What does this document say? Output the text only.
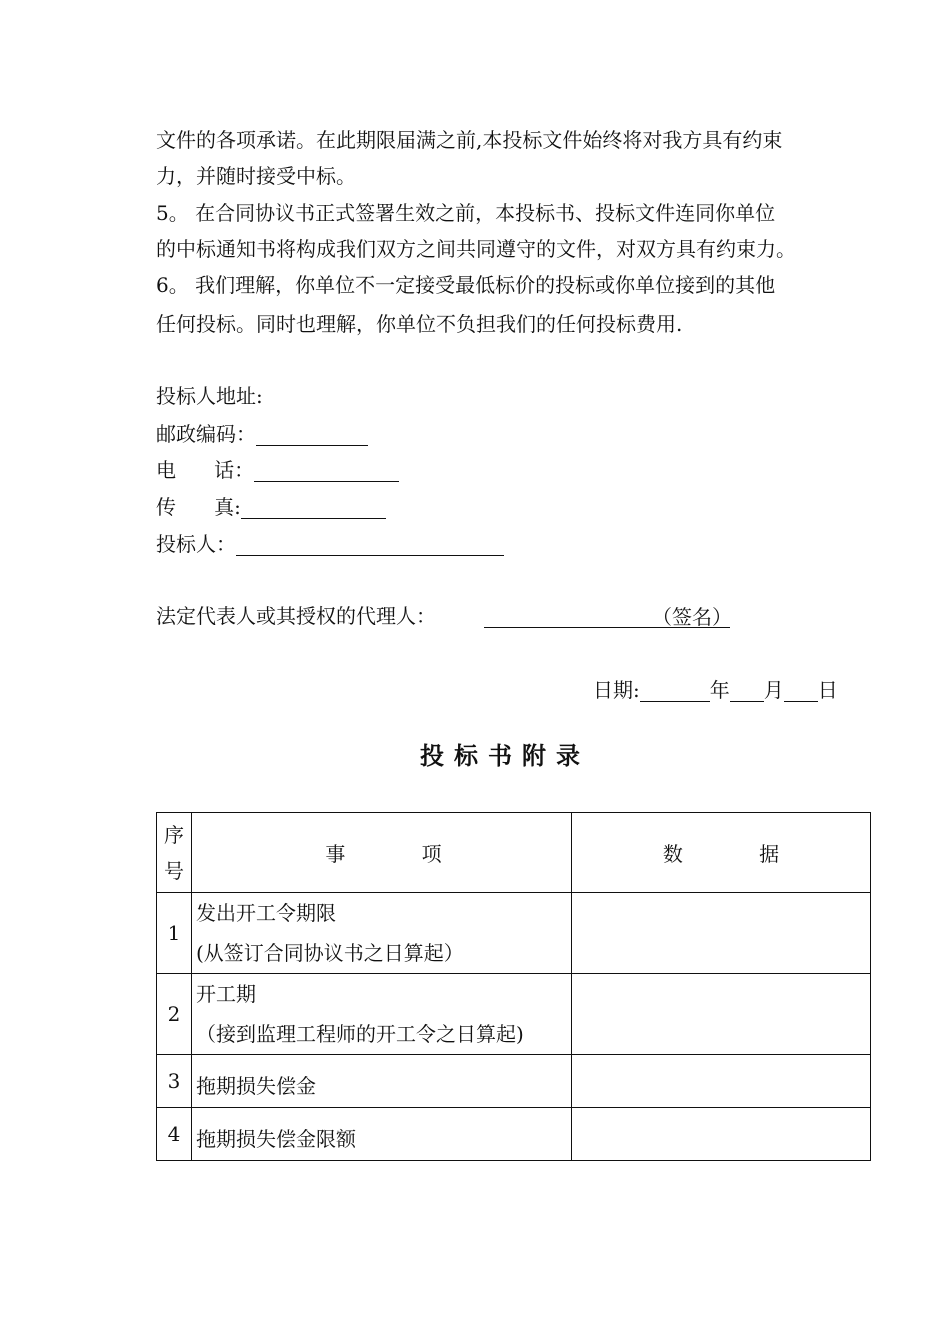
文件的各项承诺。在此期限届满之前,本投标文件始终将对我方具有约束
力，并随时接受中标。
5。 在合同协议书正式签署生效之前，本投标书、投标文件连同你单位
的中标通知书将构成我们双方之间共同遵守的文件，对双方具有约束力。
6。 我们理解，你单位不一定接受最低标价的投标或你单位接到的其他
任何投标。同时也理解，你单位不负担我们的任何投标费用.
投标人地址:
邮政编码：
电      话：
传      真:
投标人：
法定代表人或其授权的代理人：	（签名）
日期:	年 月 日
投标书附录
序
号	事            项	数            据
1	发出开工令期限
(从签订合同协议书之日算起）	

2	开工期
（接到监理工程师的开工令之日算起)	

3	拖期损失偿金	

4	拖期损失偿金限额	
